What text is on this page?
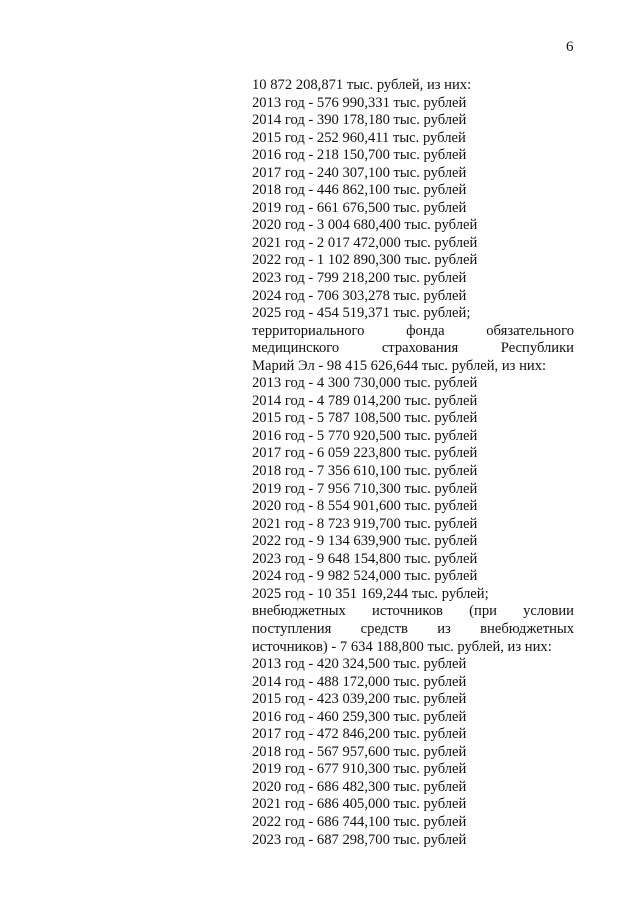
6
10 872 208,871 тыс. рублей, из них:
2013 год - 576 990,331 тыс. рублей
2014 год - 390 178,180 тыс. рублей
2015 год - 252 960,411 тыс. рублей
2016 год - 218 150,700 тыс. рублей
2017 год - 240 307,100 тыс. рублей
2018 год - 446 862,100 тыс. рублей
2019 год - 661 676,500 тыс. рублей
2020 год - 3 004 680,400 тыс. рублей
2021 год - 2 017 472,000 тыс. рублей
2022 год - 1 102 890,300 тыс. рублей
2023 год - 799 218,200 тыс. рублей
2024 год - 706 303,278 тыс. рублей
2025 год - 454 519,371 тыс. рублей;
территориального фонда обязательного
медицинского страхования Республики
Марий Эл - 98 415 626,644 тыс. рублей, из них:
2013 год - 4 300 730,000 тыс. рублей
2014 год - 4 789 014,200 тыс. рублей
2015 год - 5 787 108,500 тыс. рублей
2016 год - 5 770 920,500 тыс. рублей
2017 год - 6 059 223,800 тыс. рублей
2018 год - 7 356 610,100 тыс. рублей
2019 год - 7 956 710,300 тыс. рублей
2020 год - 8 554 901,600 тыс. рублей
2021 год - 8 723 919,700 тыс. рублей
2022 год - 9 134 639,900 тыс. рублей
2023 год - 9 648 154,800 тыс. рублей
2024 год - 9 982 524,000 тыс. рублей
2025 год - 10 351 169,244 тыс. рублей;
внебюджетных источников (при условии
поступления средств из внебюджетных
источников) - 7 634 188,800 тыс. рублей, из них:
2013 год - 420 324,500 тыс. рублей
2014 год - 488 172,000 тыс. рублей
2015 год - 423 039,200 тыс. рублей
2016 год - 460 259,300 тыс. рублей
2017 год - 472 846,200 тыс. рублей
2018 год - 567 957,600 тыс. рублей
2019 год - 677 910,300 тыс. рублей
2020 год - 686 482,300 тыс. рублей
2021 год - 686 405,000 тыс. рублей
2022 год - 686 744,100 тыс. рублей
2023 год - 687 298,700 тыс. рублей
